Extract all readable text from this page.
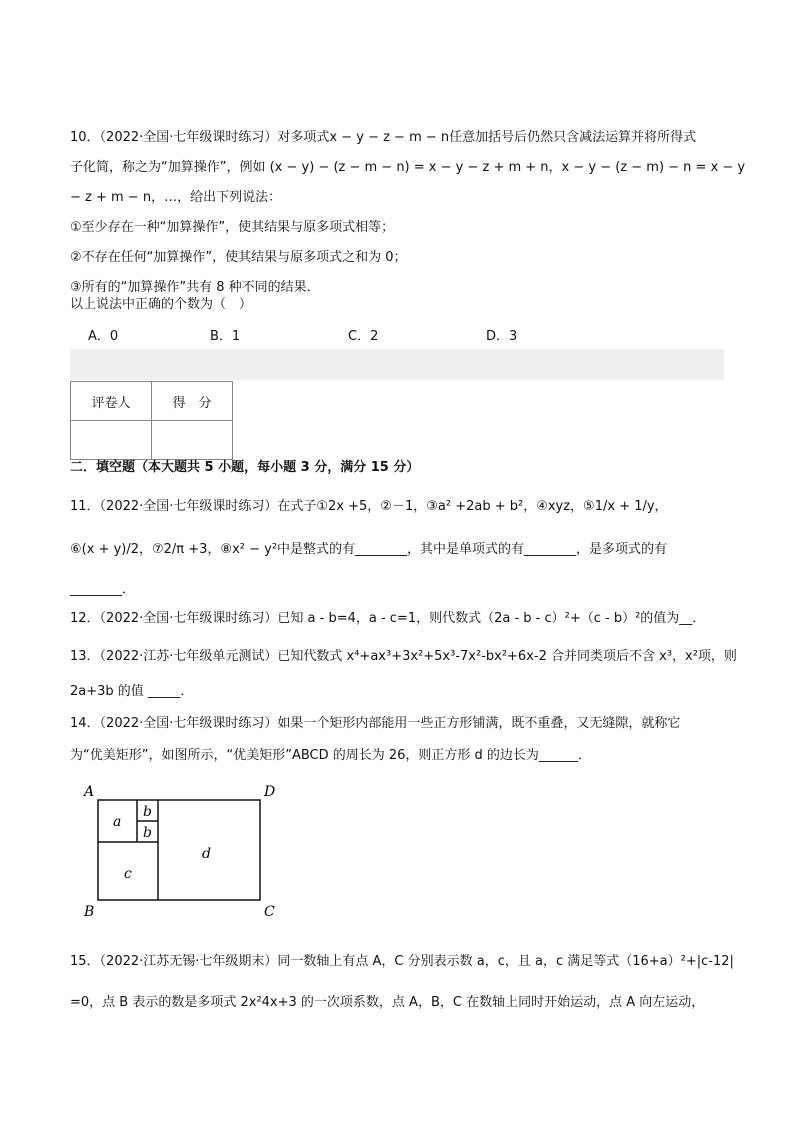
10．（2022·全国·七年级课时练习）对多项式x − y − z − m − n任意加括号后仍然只含减法运算并将所得式
子化简，称之为“加算操作”，例如 (x − y) − (z − m − n) = x − y − z + m + n，x − y − (z − m) − n = x − y
− z + m − n，…，给出下列说法：
①至少存在一种“加算操作”，使其结果与原多项式相等；
②不存在任何“加算操作”，使其结果与原多项式之和为 0；
③所有的“加算操作”共有 8 种不同的结果．
以上说法中正确的个数为（　）
A．0	B．1	C．2	D．3
评卷人	得　分

二．填空题（本大题共 5 小题，每小题 3 分，满分 15 分）
11．（2022·全国·七年级课时练习）在式子①2x +5，②－1，③a² +2ab + b²，④xyz，⑤1/x + 1/y，
⑥(x + y)/2，⑦2/π +3，⑧x² − y²中是整式的有________，其中是单项式的有________，是多项式的有
________．
12．（2022·全国·七年级课时练习）已知 a - b=4，a - c=1，则代数式（2a - b - c）²+（c - b）²的值为__．
13．（2022·江苏·七年级单元测试）已知代数式 x⁴+ax³+3x²+5x³-7x²-bx²+6x-2 合并同类项后不含 x³，x²项，则
2a+3b 的值 _____．
14．（2022·全国·七年级课时练习）如果一个矩形内部能用一些正方形铺满，既不重叠，又无缝隙，就称它
为“优美矩形”，如图所示，“优美矩形”ABCD 的周长为 26，则正方形 d 的边长为______．
A	D
B	C
a
b
b
c
d
15．（2022·江苏无锡·七年级期末）同一数轴上有点 A，C 分别表示数 a，c，且 a，c 满足等式（16+a）²+|c-12|
=0，点 B 表示的数是多项式 2x²4x+3 的一次项系数，点 A，B，C 在数轴上同时开始运动，点 A 向左运动，
